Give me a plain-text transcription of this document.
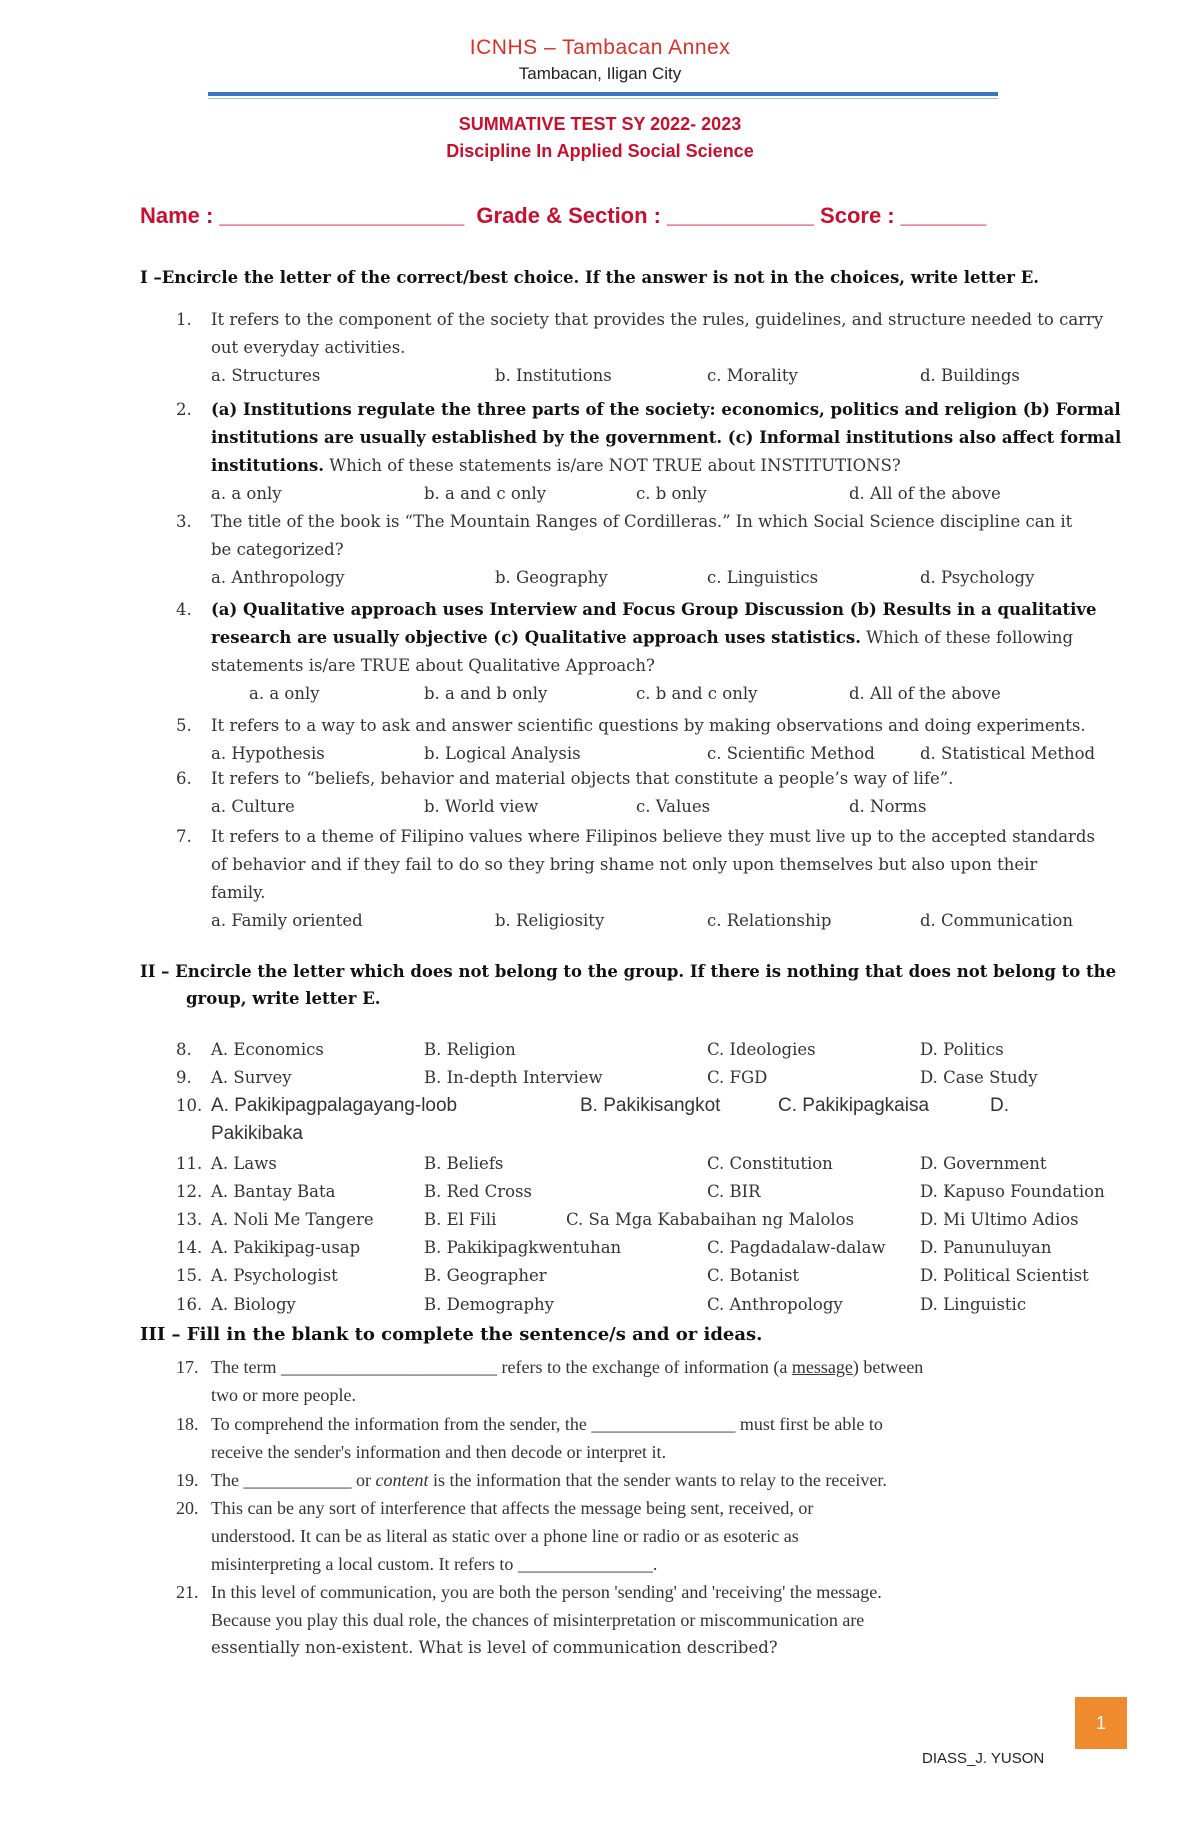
ICNHS – Tambacan Annex
Tambacan, Iligan City
SUMMATIVE TEST SY 2022- 2023
Discipline In Applied Social Science
Name : ____________________  Grade & Section : ____________ Score : _______
I –Encircle the letter of the correct/best choice. If the answer is not in the choices, write letter E.
1.	It refers to the component of the society that provides the rules, guidelines, and structure needed to carry
out everyday activities.
a. Structures	b. Institutions	c. Morality	d. Buildings
2.	(a) Institutions regulate the three parts of the society: economics, politics and religion (b) Formal
institutions are usually established by the government. (c) Informal institutions also affect formal
institutions. Which of these statements is/are NOT TRUE about INSTITUTIONS?
a. a only	b. a and c only	c. b only	d. All of the above
3.	The title of the book is “The Mountain Ranges of Cordilleras.” In which Social Science discipline can it
be categorized?
a. Anthropology	b. Geography	c. Linguistics	d. Psychology
4.	(a) Qualitative approach uses Interview and Focus Group Discussion (b) Results in a qualitative
research are usually objective (c) Qualitative approach uses statistics. Which of these following
statements is/are TRUE about Qualitative Approach?
a. a only	b. a and b only	c. b and c only	d. All of the above
5.	It refers to a way to ask and answer scientific questions by making observations and doing experiments.
a. Hypothesis	b. Logical Analysis	c. Scientific Method	d. Statistical Method
6.	It refers to “beliefs, behavior and material objects that constitute a people’s way of life”.
a. Culture	b. World view	c. Values	d. Norms
7.	It refers to a theme of Filipino values where Filipinos believe they must live up to the accepted standards
of behavior and if they fail to do so they bring shame not only upon themselves but also upon their
family.
a. Family oriented	b. Religiosity	c. Relationship	d. Communication
II – Encircle the letter which does not belong to the group. If there is nothing that does not belong to the
group, write letter E.
8.	A. Economics	B. Religion	C. Ideologies	D. Politics
9.	A. Survey	B. In-depth Interview	C. FGD	D. Case Study
10. A. Pakikipagpalagayang-loob	B. Pakikisangkot	C. Pakikipagkaisa	D.
Pakikibaka
11. A. Laws	B. Beliefs	C. Constitution	D. Government
12. A. Bantay Bata	B. Red Cross	C. BIR	D. Kapuso Foundation
13. A. Noli Me Tangere	B. El Fili	C. Sa Mga Kababaihan ng Malolos	D. Mi Ultimo Adios
14. A. Pakikipag-usap	B. Pakikipagkwentuhan	C. Pagdadalaw-dalaw D. Panunuluyan
15. A. Psychologist	B. Geographer	C. Botanist	D. Political Scientist
16. A. Biology	B. Demography	C. Anthropology	D. Linguistic
III – Fill in the blank to complete the sentence/s and or ideas.
17. The term ________________________ refers to the exchange of information (a message) between
two or more people.
18. To comprehend the information from the sender, the ________________ must first be able to
receive the sender's information and then decode or interpret it.
19. The ____________ or content is the information that the sender wants to relay to the receiver.
20. This can be any sort of interference that affects the message being sent, received, or
understood. It can be as literal as static over a phone line or radio or as esoteric as
misinterpreting a local custom. It refers to _______________.
21. In this level of communication, you are both the person 'sending' and 'receiving' the message.
Because you play this dual role, the chances of misinterpretation or miscommunication are
essentially non-existent. What is level of communication described?
DIASS_J. YUSON
1
